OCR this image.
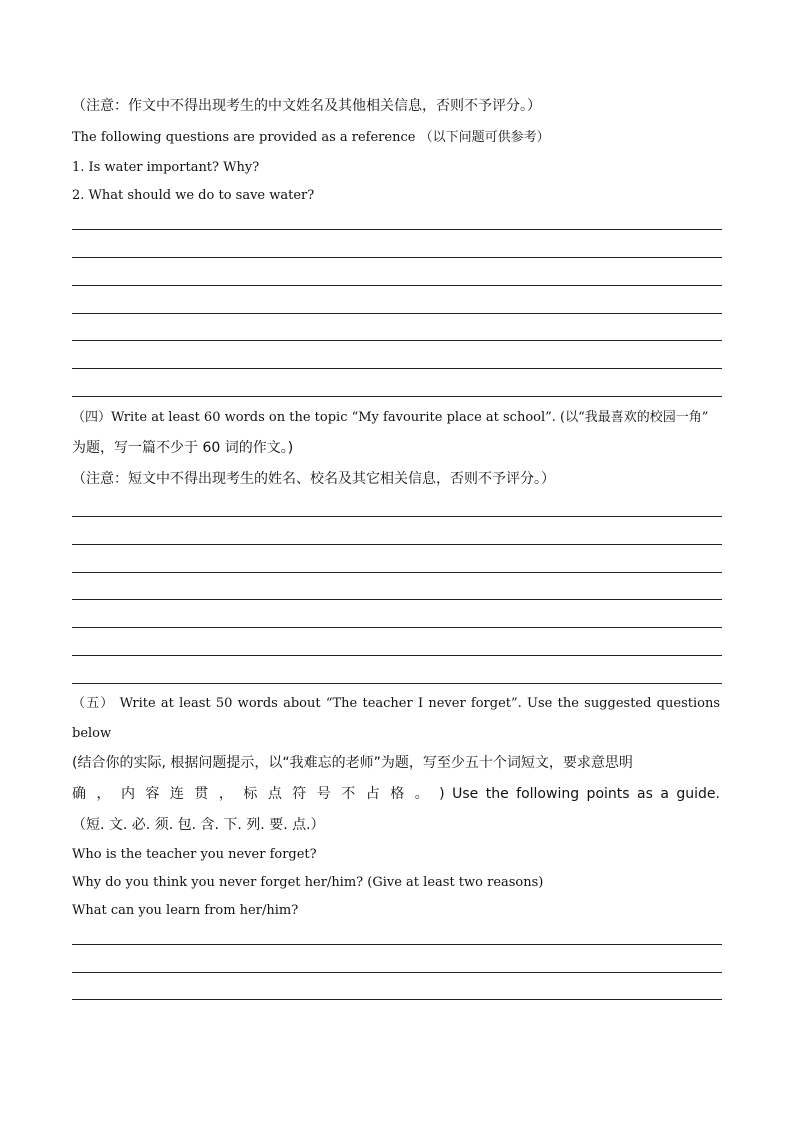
（注意：作文中不得出现考生的中文姓名及其他相关信息，否则不予评分。）
The following questions are provided as a reference （以下问题可供参考）
1. Is water important? Why?
2. What should we do to save water?
（四）Write at least 60 words on the topic “My favourite place at school”. (以“我最喜欢的校园一角”
为题，写一篇不少于 60 词的作文。)
（注意：短文中不得出现考生的姓名、校名及其它相关信息，否则不予评分。）
（五） Write at least 50 words about “The teacher I never forget”. Use the suggested questions
below
(结合你的实际, 根据问题提示，以“我难忘的老师”为题，写至少五十个词短文，要求意思明
确 ， 内 容 连 贯 ， 标 点 符 号 不 占 格 。 ) Use the following points as a guide.
（短. 文. 必. 须. 包. 含. 下. 列. 要. 点.）
Who is the teacher you never forget?
Why do you think you never forget her/him? (Give at least two reasons)
What can you learn from her/him?
